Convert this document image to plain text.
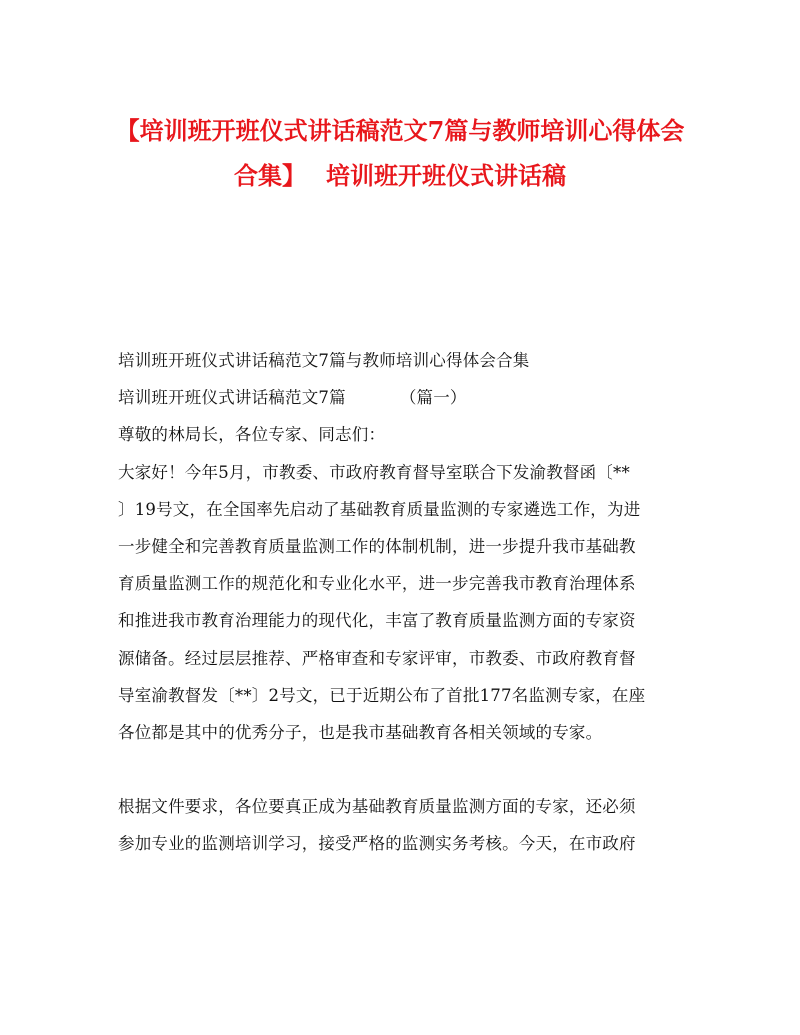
【培训班开班仪式讲话稿范文7篇与教师培训心得体会
合集】 培训班开班仪式讲话稿
培训班开班仪式讲话稿范文7篇与教师培训心得体会合集
培训班开班仪式讲话稿范文7篇	（篇一）
尊敬的林局长，各位专家、同志们：
大家好！今年5月，市教委、市政府教育督导室联合下发渝教督函〔**
〕19号文，在全国率先启动了基础教育质量监测的专家遴选工作，为进
一步健全和完善教育质量监测工作的体制机制，进一步提升我市基础教
育质量监测工作的规范化和专业化水平，进一步完善我市教育治理体系
和推进我市教育治理能力的现代化，丰富了教育质量监测方面的专家资
源储备。经过层层推荐、严格审查和专家评审，市教委、市政府教育督
导室渝教督发〔**〕2号文，已于近期公布了首批177名监测专家，在座
各位都是其中的优秀分子，也是我市基础教育各相关领域的专家。
根据文件要求，各位要真正成为基础教育质量监测方面的专家，还必须
参加专业的监测培训学习，接受严格的监测实务考核。今天，在市政府
